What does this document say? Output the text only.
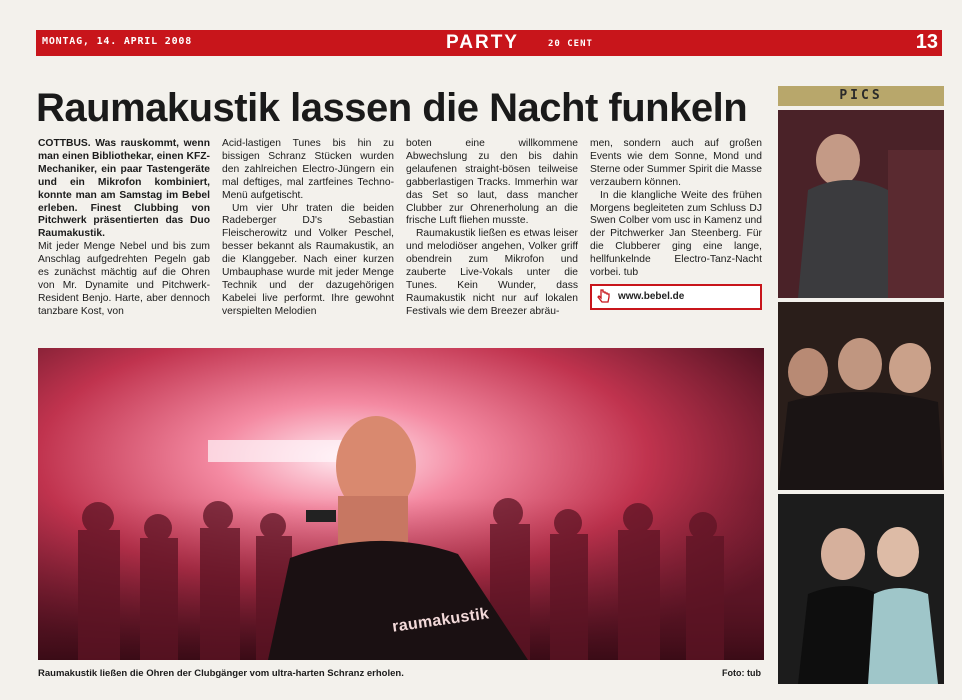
MONTAG, 14. APRIL 2008	PARTY	20 CENT	13
Raumakustik lassen die Nacht funkeln

COTTBUS. Was rauskommt, wenn man einen Bibliothekar, einen KFZ-Mechaniker, ein paar Tastengeräte und ein Mikrofon kombiniert, konnte man am Samstag im Bebel erleben. Finest Clubbing von Pitchwerk präsentierten das Duo Raumakustik.

Mit jeder Menge Nebel und bis zum Anschlag aufgedrehten Pegeln gab es zunächst mächtig auf die Ohren von Mr. Dynamite und Pitchwerk-Resident Benjo. Harte, aber dennoch tanzbare Kost, von

Acid-lastigen Tunes bis hin zu bissigen Schranz Stücken wurden den zahlreichen Electro-Jüngern ein mal deftiges, mal zartfeines Techno-Menü aufgetischt.

Um vier Uhr traten die beiden Radeberger DJ's Sebastian Fleischerowitz und Volker Peschel, besser bekannt als Raumakustik, an die Klanggeber. Nach einer kurzen Umbauphase wurde mit jeder Menge Technik und der dazugehörigen Kabelei live performt. Ihre gewohnt verspielten Melodien

boten eine willkommene Abwechslung zu den bis dahin gelaufenen straight-bösen teilweise gabberlastigen Tracks. Immerhin war das Set so laut, dass mancher Clubber zur Ohrenerholung an die frische Luft fliehen musste.

Raumakustik ließen es etwas leiser und melodiöser angehen, Volker griff obendrein zum Mikrofon und zauberte Live-Vokals unter die Tunes. Kein Wunder, dass Raumakustik nicht nur auf lokalen Festivals wie dem Breezer abräu-

men, sondern auch auf großen Events wie dem Sonne, Mond und Sterne oder Summer Spirit die Masse verzaubern können.

In die klangliche Weite des frühen Morgens begleiteten zum Schluss DJ Swen Colber vom usc in Kamenz und der Pitchwerker Jan Steenberg. Für die Clubberer ging eine lange, hellfunkelnde Electro-Tanz-Nacht vorbei. tub

www.bebel.de
raumakustik
Raumakustik ließen die Ohren der Clubgänger vom ultra-harten Schranz erholen.	Foto: tub
PICS
